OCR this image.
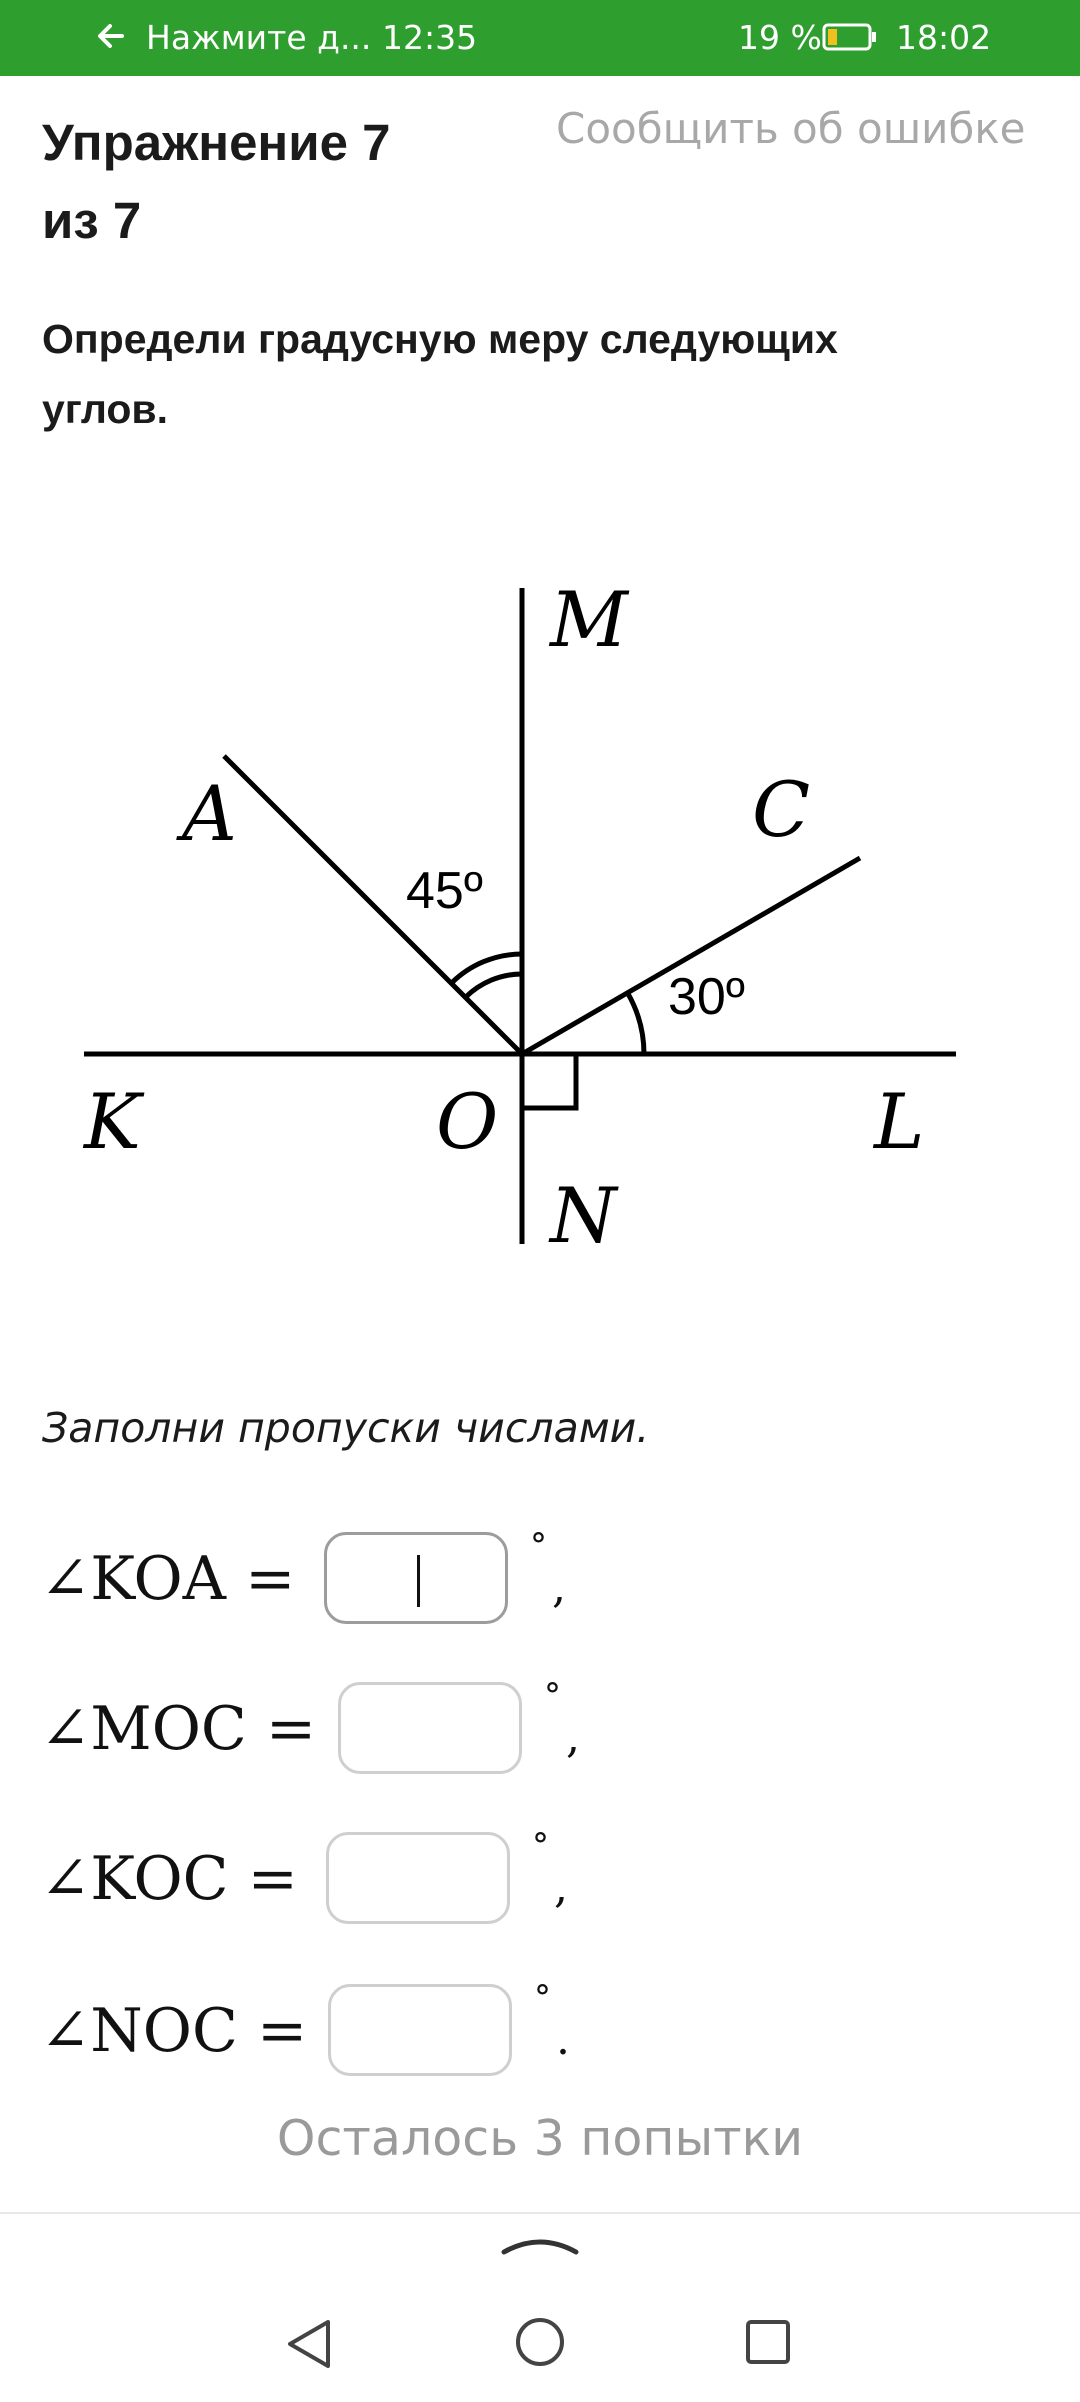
Нажмите д... 12:35	19 % 18:02
Упражнение 7
из 7
Сообщить об ошибке
Определи градусную меру следующих
углов.
M
A	C
K	O	L
N
45º
30º
Заполни пропуски числами.
∠KOA =	°
,
∠MOC =	°
,
∠KOC =	°
,
∠NOC =	°
.
Осталось 3 попытки
